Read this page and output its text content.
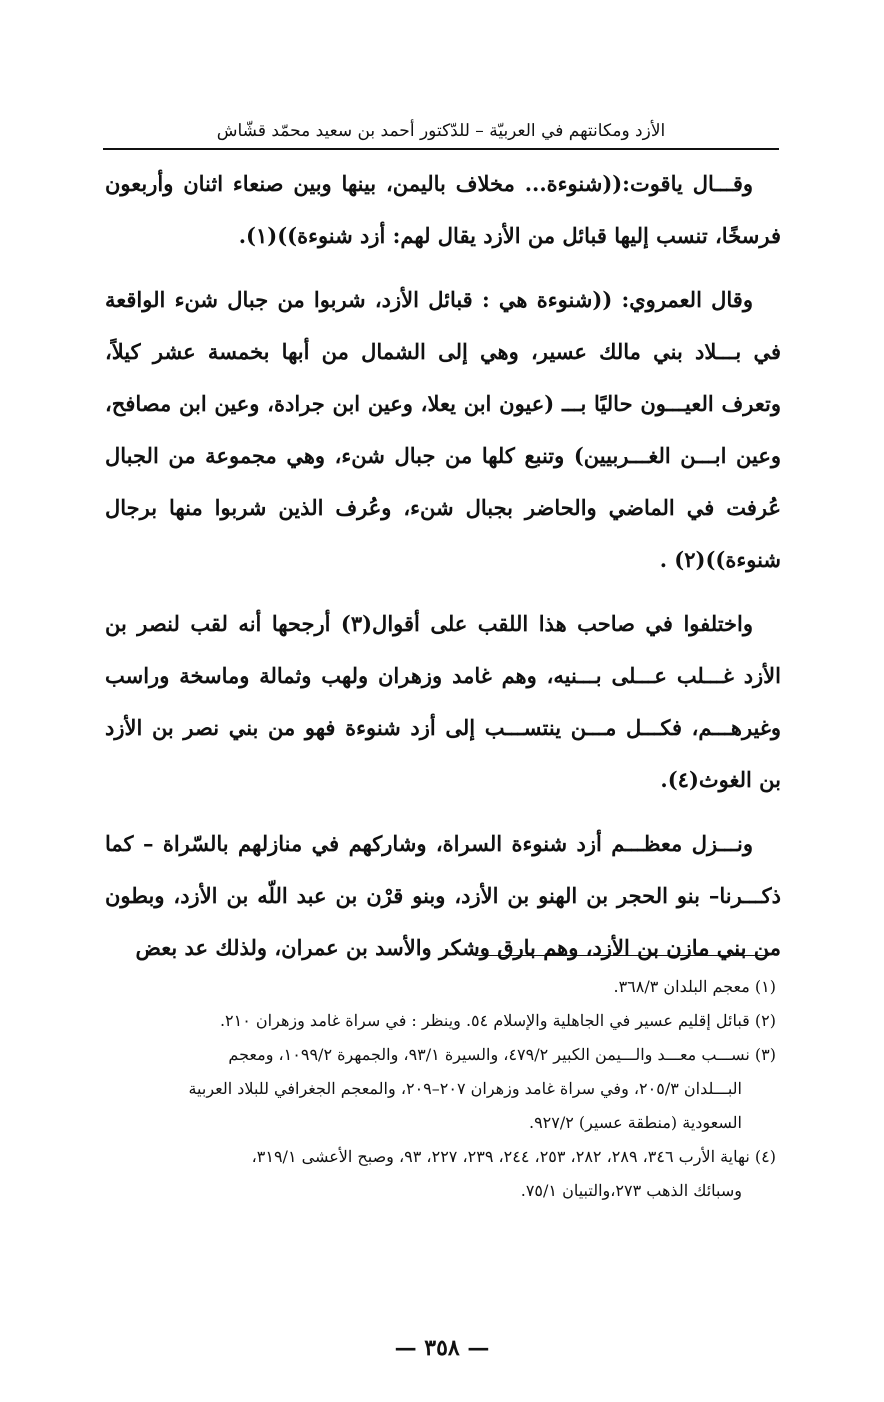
الأزد ومكانتهم في العربيّة – للدّكتور أحمد بن سعيد محمّد قشّاش

وقـــال ياقوت:((شنوءة... مخلاف باليمن، بينها وبين صنعاء اثنان وأربعون فرسخًا، تنسب إليها قبائل من الأزد يقال لهم: أزد شنوءة))(١).

وقال العمروي: ((شنوءة هي : قبائل الأزد، شربوا من جبال شنء الواقعة في بـــلاد بني مالك عسير، وهي إلى الشمال من أبها بخمسة عشر كيلاً، وتعرف العيـــون حاليًا بـــ (عيون ابن يعلا، وعين ابن جرادة، وعين ابن مصافح، وعين ابـــن الغـــربيين) وتنبع كلها من جبال شنء، وهي مجموعة من الجبال عُرفت في الماضي والحاضر بجبال شنء، وعُرف الذين شربوا منها برجال شنوءة))(٢) .

واختلفوا في صاحب هذا اللقب على أقوال(٣) أرجحها أنه لقب لنصر بن الأزد غـــلب عـــلى بـــنيه، وهم غامد وزهران ولهب وثمالة وماسخة وراسب وغيرهـــم، فكـــل مـــن ينتســـب إلى أزد شنوءة فهو من بني نصر بن الأزد بن الغوث(٤).

ونـــزل معظـــم أزد شنوءة السراة، وشاركهم في منازلهم بالسّراة – كما ذكـــرنا– بنو الحجر بن الهنو بن الأزد، وبنو قرْن بن عبد اللّه بن الأزد، وبطون من بني مازن بن الأزد، وهم بارق وشكر والأسد بن عمران، ولذلك عد بعض

(١) معجم البلدان ٣٦٨/٣.

(٢) قبائل إقليم عسير في الجاهلية والإسلام ٥٤. وينظر : في سراة غامد وزهران ٢١٠.

(٣) نســـب معـــد والـــيمن الكبير ٤٧٩/٢، والسيرة ٩٣/١، والجمهرة ١٠٩٩/٢، ومعجم

البـــلدان ٢٠٥/٣، وفي سراة غامد وزهران ٢٠٧–٢٠٩، والمعجم الجغرافي للبلاد العربية

السعودية (منطقة عسير) ٩٢٧/٢.

(٤) نهاية الأرب ٣٤٦، ٢٨٩، ٢٨٢، ٢٥٣، ٢٤٤، ٢٣٩، ٢٢٧، ٩٣، وصبح الأعشى ٣١٩/١،

وسبائك الذهب ٢٧٣،والتبيان ٧٥/١.

— ٣٥٨ —
